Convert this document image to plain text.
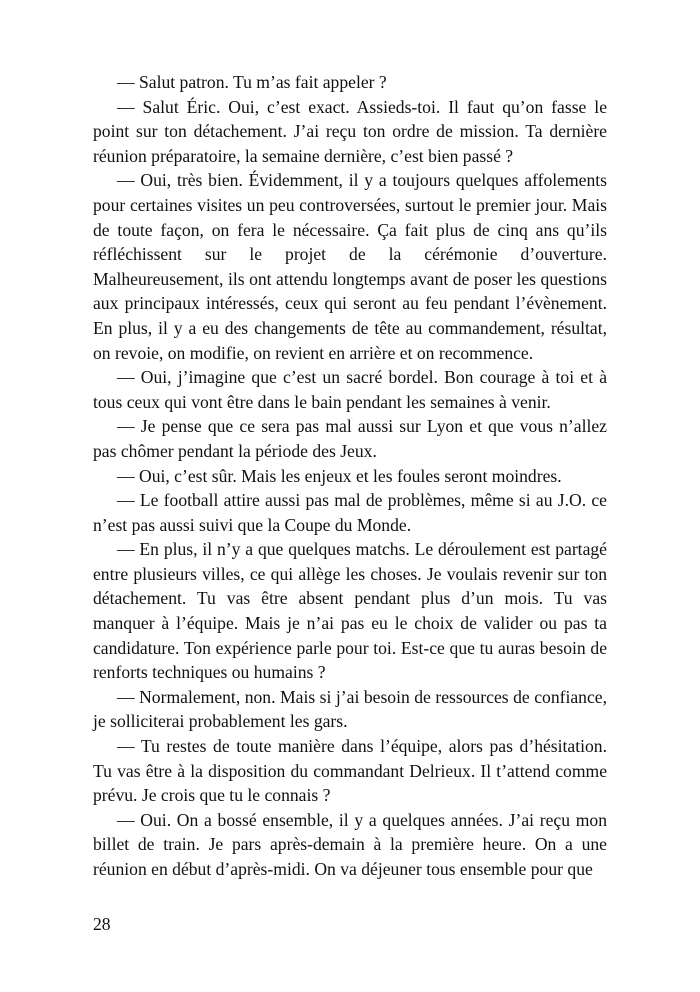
— Salut patron. Tu m’as fait appeler ?

— Salut Éric. Oui, c’est exact. Assieds-toi. Il faut qu’on fasse le point sur ton détachement. J’ai reçu ton ordre de mission. Ta dernière réunion préparatoire, la semaine dernière, c’est bien passé ?

— Oui, très bien. Évidemment, il y a toujours quelques affolements pour certaines visites un peu controversées, surtout le premier jour. Mais de toute façon, on fera le nécessaire. Ça fait plus de cinq ans qu’ils réfléchissent sur le projet de la cérémonie d’ouverture. Malheureusement, ils ont attendu longtemps avant de poser les questions aux principaux intéressés, ceux qui seront au feu pendant l’évènement. En plus, il y a eu des changements de tête au commandement, résultat, on revoie, on modifie, on revient en arrière et on recommence.

— Oui, j’imagine que c’est un sacré bordel. Bon courage à toi et à tous ceux qui vont être dans le bain pendant les semaines à venir.

— Je pense que ce sera pas mal aussi sur Lyon et que vous n’allez pas chômer pendant la période des Jeux.

— Oui, c’est sûr. Mais les enjeux et les foules seront moindres.

— Le football attire aussi pas mal de problèmes, même si au J.O. ce n’est pas aussi suivi que la Coupe du Monde.

— En plus, il n’y a que quelques matchs. Le déroulement est partagé entre plusieurs villes, ce qui allège les choses. Je voulais revenir sur ton détachement. Tu vas être absent pendant plus d’un mois. Tu vas manquer à l’équipe. Mais je n’ai pas eu le choix de valider ou pas ta candidature. Ton expérience parle pour toi. Est-ce que tu auras besoin de renforts techniques ou humains ?

— Normalement, non. Mais si j’ai besoin de ressources de confiance, je solliciterai probablement les gars.

— Tu restes de toute manière dans l’équipe, alors pas d’hésitation. Tu vas être à la disposition du commandant Delrieux. Il t’attend comme prévu. Je crois que tu le connais ?

— Oui. On a bossé ensemble, il y a quelques années. J’ai reçu mon billet de train. Je pars après-demain à la première heure. On a une réunion en début d’après-midi. On va déjeuner tous ensemble pour que

28
